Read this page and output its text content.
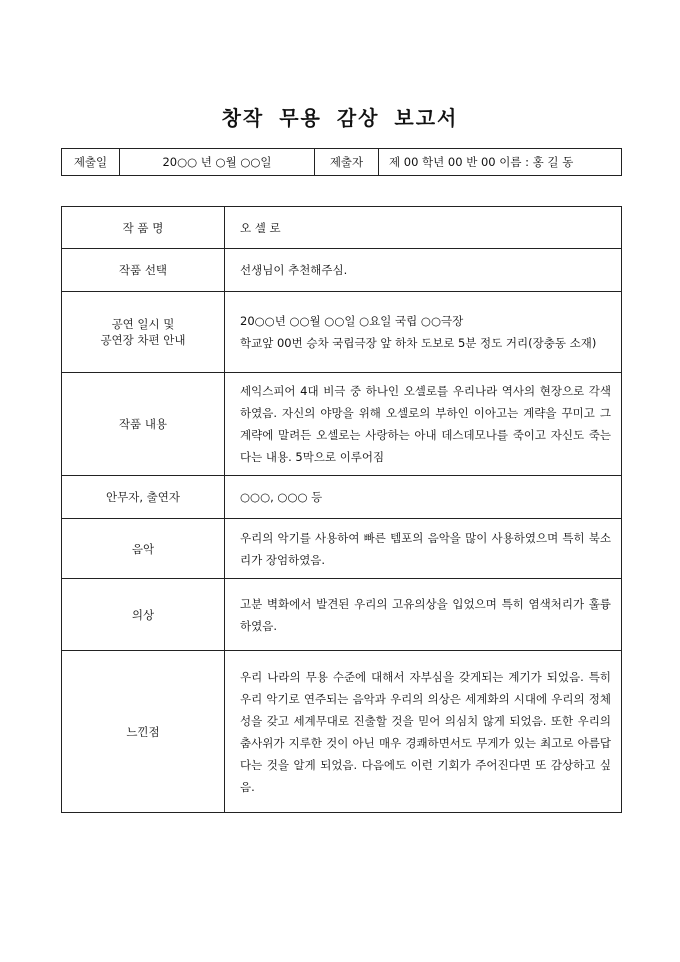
창작 무용 감상 보고서
제출일	20○○ 년 ○월 ○○일	제출자	제 00 학년 00 반 00 이름 : 홍 길 동
작 품 명	오 셀 로
작품 선택	선생님이 추천해주심.
공연 일시 및
공연장 차편 안내	20○○년 ○○월 ○○일 ○요일 국립 ○○극장
학교앞 00번 승차 국립극장 앞 하차 도보로 5분 정도 거리(장충동 소재)
작품 내용	세익스피어 4대 비극 중 하나인 오셀로를 우리나라 역사의 현장으로 각색하였음. 자신의 야망을 위해 오셀로의 부하인 이아고는 계략을 꾸미고 그 계략에 말려든 오셀로는 사랑하는 아내 데스데모나를 죽이고 자신도 죽는다는 내용. 5막으로 이루어짐
안무자, 출연자	○○○, ○○○ 등
음악	우리의 악기를 사용하여 빠른 템포의 음악을 많이 사용하였으며 특히 북소리가 장엄하였음.
의상	고분 벽화에서 발견된 우리의 고유의상을 입었으며 특히 염색처리가 훌륭하였음.
느낀점	우리 나라의 무용 수준에 대해서 자부심을 갖게되는 계기가 되었음. 특히 우리 악기로 연주되는 음악과 우리의 의상은 세계화의 시대에 우리의 정체성을 갖고 세계무대로 진출할 것을 믿어 의심치 않게 되었음. 또한 우리의 춤사위가 지루한 것이 아닌 매우 경쾌하면서도 무게가 있는 최고로 아름답다는 것을 알게 되었음. 다음에도 이런 기회가 주어진다면 또 감상하고 싶음.
